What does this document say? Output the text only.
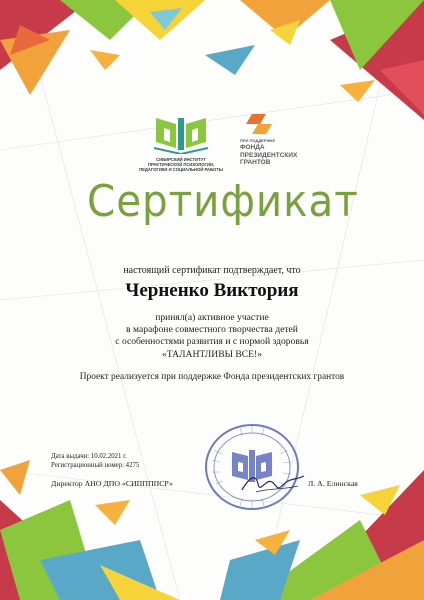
СИБИРСКИЙ ИНСТИТУТ
ПРАКТИЧЕСКОЙ ПСИХОЛОГИИ,
ПЕДАГОГИКИ И СОЦИАЛЬНОЙ РАБОТЫ
ПРИ ПОДДЕРЖКЕ
ФОНДА
ПРЕЗИДЕНТСКИХ
ГРАНТОВ
Сертификат
настоящий сертификат подтверждает, что
Черненко Виктория
принял(а) активное участие
в марафоне совместного творчества детей
с особенностями развития и с нормой здоровья
«ТАЛАНТЛИВЫ ВСЕ!»
Проект реализуется при поддержке Фонда президентских грантов
Дата выдачи: 10.02.2021 г.
Регистрационный номер: 4275
Директор АНО ДПО «СИППППСР»	Л. А. Елинская
